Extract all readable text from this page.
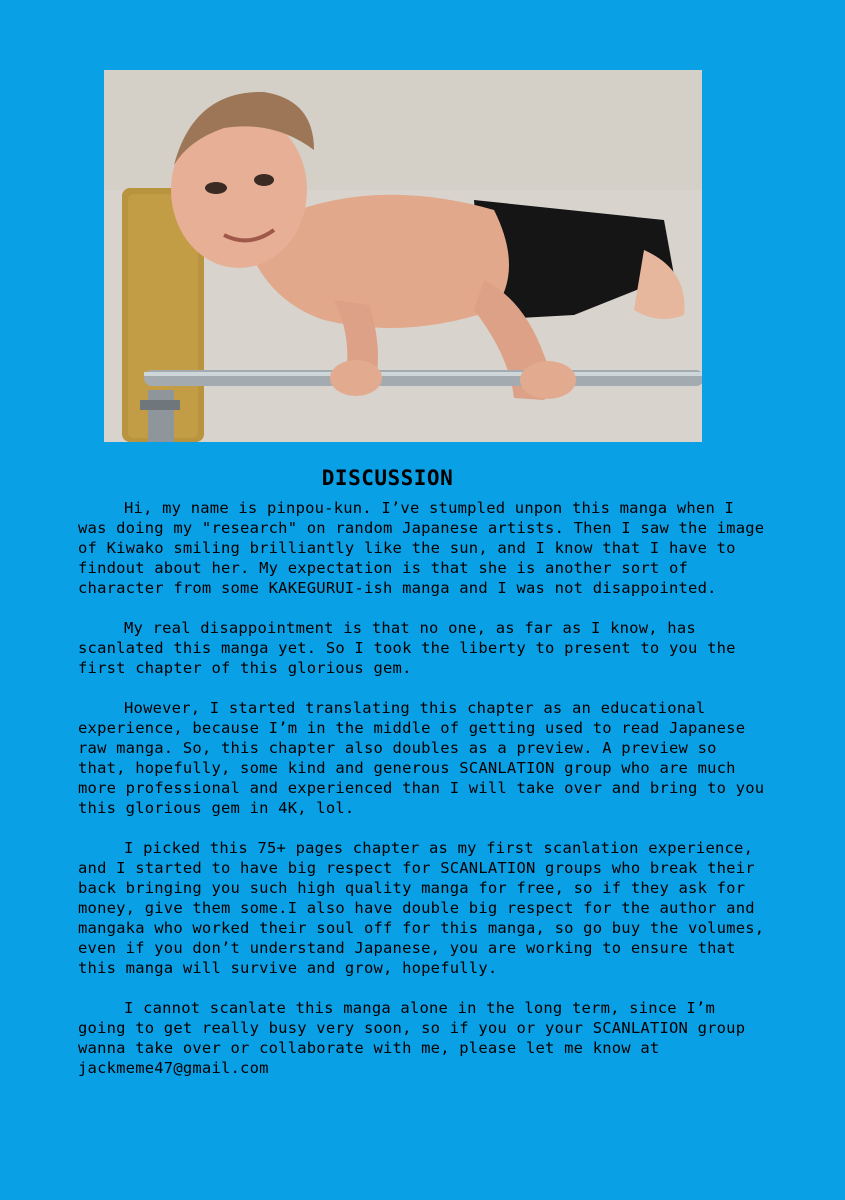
DISCUSSION

Hi, my name is pinpou-kun. I’ve stumpled unpon this manga when I was doing my "research" on random Japanese artists. Then I saw the image of Kiwako smiling brilliantly like the sun, and I know that I have to findout about her. My expectation is that she is another sort of character from some KAKEGURUI-ish manga and I was not disappointed.

My real disappointment is that no one, as far as I know, has scanlated this manga yet. So I took the liberty to present to you the first chapter of this glorious gem.

However, I started translating this chapter as an educational experience, because I’m in the middle of getting used to read Japanese raw manga. So, this chapter also doubles as a preview. A preview so that, hopefully, some kind and generous SCANLATION group who are much more professional and experienced than I will take over and bring to you this glorious gem in 4K, lol.

I picked this 75+ pages chapter as my first scanlation experience, and I started to have big respect for SCANLATION groups who break their back bringing you such high quality manga for free, so if they ask for money, give them some.I also have double big respect for the author and mangaka who worked their soul off for this manga, so go buy the volumes, even if you don’t understand Japanese, you are working to ensure that this manga will survive and grow, hopefully.

I cannot scanlate this manga alone in the long term, since I’m going to get really busy very soon, so if you or your SCANLATION group wanna take over or collaborate with me, please let me know at jackmeme47@gmail.com
